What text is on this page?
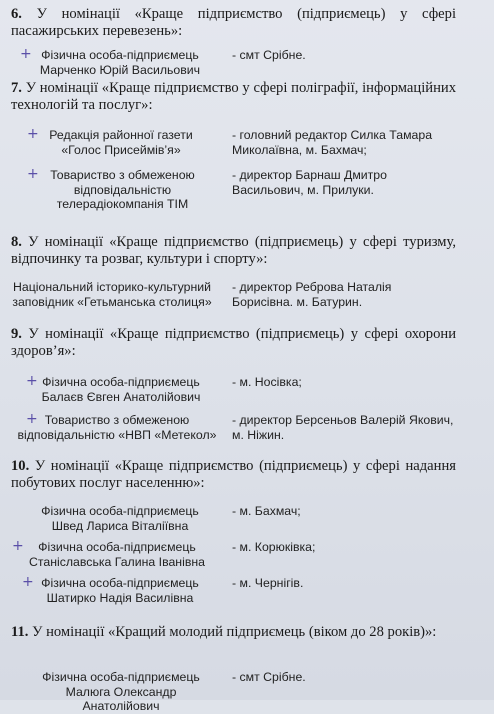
6. У номінації «Краще підприємство (підприємець) у сфері пасажирських перевезень»:
+ Фізична особа-підприємець Марченко Юрій Васильович
- смт Срібне.
7. У номінації «Краще підприємство у сфері поліграфії, інформаційних технологій та послуг»:
+ Редакція районної газети «Голос Присеймів’я»
- головний редактор Силка Тамара Миколаївна, м. Бахмач;
+ Товариство з обмеженою відповідальністю телерадіокомпанія ТІМ
- директор Барнаш Дмитро Васильович, м. Прилуки.
8. У номінації «Краще підприємство (підприємець) у сфері туризму, відпочинку та розваг, культури і спорту»:
Національний історико-культурний заповідник «Гетьманська столиця»
- директор Реброва Наталія Борисівна. м. Батурин.
9. У номінації «Краще підприємство (підприємець) у сфері охорони здоров’я»:
+ Фізична особа-підприємець Балаєв Євген Анатолійович
- м. Носівка;
+ Товариство з обмеженою відповідальністю «НВП «Метекол»
- директор Берсеньов Валерій Якович, м. Ніжин.
10. У номінації «Краще підприємство (підприємець) у сфері надання побутових послуг населенню»:
Фізична особа-підприємець Швед Лариса Віталіївна
- м. Бахмач;
+	Фізична особа-підприємець Станіславська Галина Іванівна
- м. Корюківка;
+ Фізична особа-підприємець Шатирко Надія Василівна
- м. Чернігів.
11. У номінації «Кращий молодий підприємець (віком до 28 років)»:
Фізична особа-підприємець Малюга Олександр Анатолійович
- смт Срібне.
